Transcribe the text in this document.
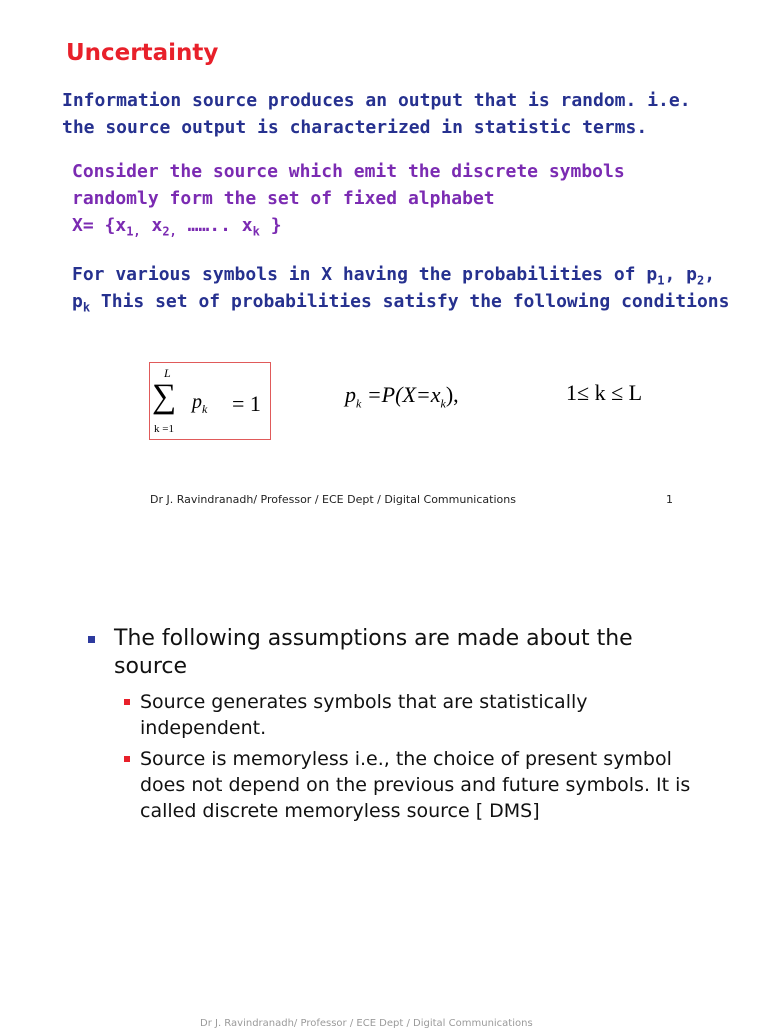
Uncertainty

Information source produces an output that is random. i.e.
the source output is characterized in statistic terms.

Consider the source which emit the discrete symbols
randomly form the set of fixed alphabet
$X= \{x_{1,}$ $x_{2,}$ …….. $x_k$ }

For various symbols in X having the probabilities of $p_1$, $p_2$,
$p_k$ This set of probabilities satisfy the following conditions

L
∑ $p_k = 1$
k =1
$p_k =P(X=x_k)$,	1≤ k ≤ L
Dr J. Ravindranadh/ Professor / ECE Dept / Digital Communications	1
The following assumptions are made about the source
Source generates symbols that are statistically independent.
Source is memoryless i.e., the choice of present symbol does not depend on the previous and future symbols. It is called discrete memoryless source [ DMS]
Dr J. Ravindranadh/ Professor / ECE Dept / Digital Communications
